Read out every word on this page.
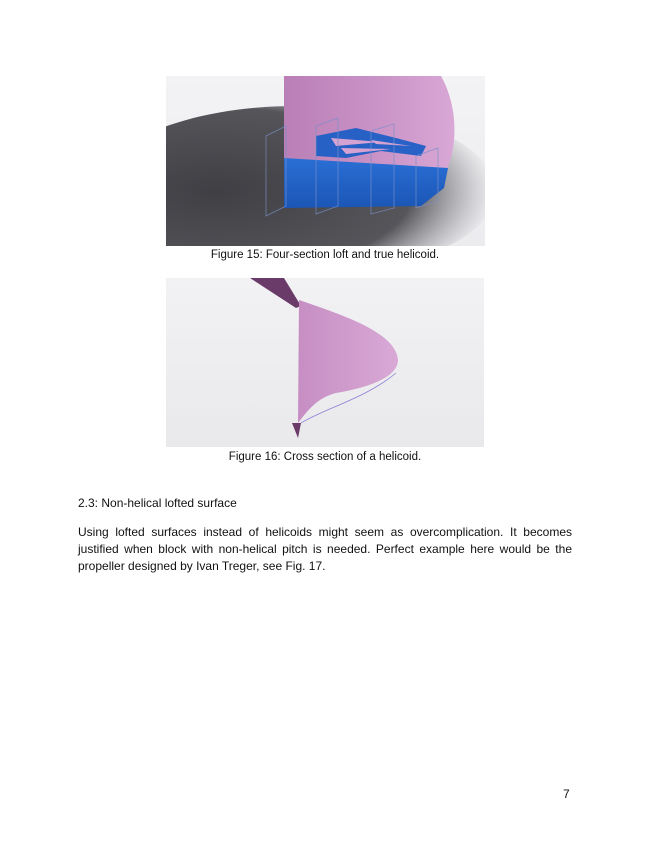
Figure 15: Four-section loft and true helicoid.
Figure 16: Cross section of a helicoid.
2.3: Non-helical lofted surface
Using lofted surfaces instead of helicoids might seem as overcomplication. It becomes justified when block with non-helical pitch is needed. Perfect example here would be the propeller designed by Ivan Treger, see Fig. 17.
7
